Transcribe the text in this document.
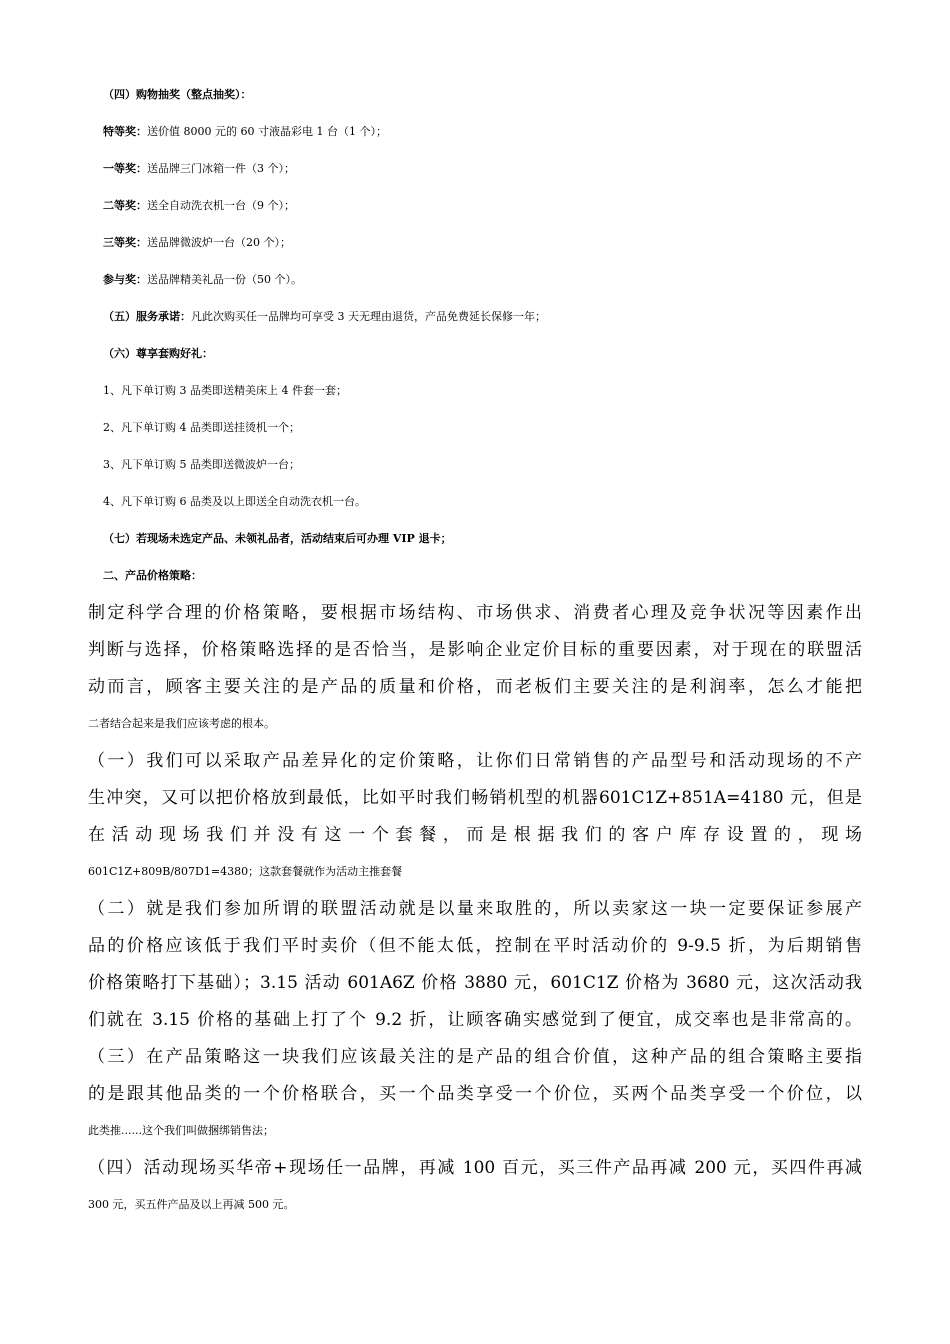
（四）购物抽奖（整点抽奖）：
特等奖：送价值 8000 元的 60 寸液晶彩电 1 台（1 个）；
一等奖：送品牌三门冰箱一件（3 个）；
二等奖：送全自动洗衣机一台（9 个）；
三等奖：送品牌微波炉一台（20 个）；
参与奖：送品牌精美礼品一份（50 个）。
（五）服务承诺：凡此次购买任一品牌均可享受 3 天无理由退货，产品免费延长保修一年；
（六）尊享套购好礼：
1、凡下单订购 3 品类即送精美床上 4 件套一套；
2、凡下单订购 4 品类即送挂烫机一个；
3、凡下单订购 5 品类即送微波炉一台；
4、凡下单订购 6 品类及以上即送全自动洗衣机一台。
（七）若现场未选定产品、未领礼品者，活动结束后可办理 VIP 退卡；
二、产品价格策略：
制定科学合理的价格策略，要根据市场结构、市场供求、消费者心理及竞争状况等因素作出
判断与选择，价格策略选择的是否恰当，是影响企业定价目标的重要因素，对于现在的联盟活
动而言，顾客主要关注的是产品的质量和价格，而老板们主要关注的是利润率，怎么才能把
二者结合起来是我们应该考虑的根本。
（一）我们可以采取产品差异化的定价策略，让你们日常销售的产品型号和活动现场的不产
生冲突，又可以把价格放到最低，比如平时我们畅销机型的机器601C1Z+851A=4180 元，但是
在活动现场我们并没有这一个套餐，而是根据我们的客户库存设置的，现场
601C1Z+809B/807D1=4380；这款套餐就作为活动主推套餐
（二）就是我们参加所谓的联盟活动就是以量来取胜的，所以卖家这一块一定要保证参展产
品的价格应该低于我们平时卖价（但不能太低，控制在平时活动价的 9-9.5 折，为后期销售
价格策略打下基础）；3.15 活动 601A6Z 价格 3880 元，601C1Z 价格为 3680 元，这次活动我
们就在 3.15 价格的基础上打了个 9.2 折，让顾客确实感觉到了便宜，成交率也是非常高的。
（三）在产品策略这一块我们应该最关注的是产品的组合价值，这种产品的组合策略主要指
的是跟其他品类的一个价格联合，买一个品类享受一个价位，买两个品类享受一个价位，以
此类推......这个我们叫做捆绑销售法；
（四）活动现场买华帝+现场任一品牌，再减 100 百元，买三件产品再减 200 元，买四件再减
300 元，买五件产品及以上再减 500 元。
